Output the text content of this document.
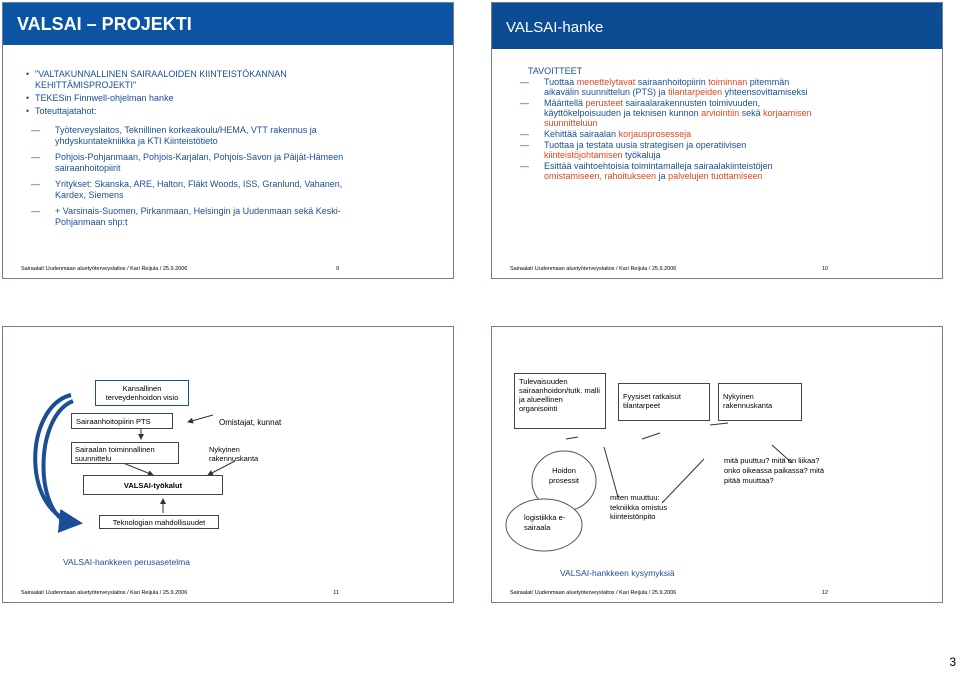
VALSAI – PROJEKTI
• "VALTAKUNNALLINEN SAIRAALOIDEN KIINTEISTÖKANNAN KEHITTÄMISPROJEKTI"
• TEKESin Finnwell-ohjelman hanke
• Toteuttajatahot:
— Työterveyslaitos, Teknillinen korkeakoulu/HEMA, VTT rakennus ja yhdyskuntatekniikka ja KTI Kiinteistötieto
— Pohjois-Pohjanmaan, Pohjois-Karjalan, Pohjois-Savon ja Päijät-Hämeen sairaanhoitopiirit
— Yritykset: Skanska, ARE, Halton, Fläkt Woods, ISS, Granlund, Vahanen, Kardex, Siemens
— + Varsinais-Suomen, Pirkanmaan, Helsingin ja Uudenmaan sekä Keski-Pohjanmaan shp:t
Sairaalat/ Uudenmaan aluetyöterveyslaitos / Kari Reijula / 25.9.2006	9
VALSAI-hanke
TAVOITTEET
— Tuottaa menettelytavat sairaanhoitopiirin toiminnan pitemmän aikavälin suunnittelun (PTS) ja tilantarpeiden yhteensovittamiseksi
— Määritellä perusteet sairaalarakennusten toimivuuden, käyttökelpoisuuden ja teknisen kunnon arviointiin sekä korjaamisen suunnitteluun
— Kehittää sairaalan korjausprosesseja
— Tuottaa ja testata uusia strategisen ja operatiivisen kiinteistöjohtamisen työkaluja
— Esittää vaihtoehtoisia toimintamalleja sairaalakiinteistöjen omistamiseen, rahoitukseen ja palvelujen tuottamiseen
Sairaalat/ Uudenmaan aluetyöterveyslaitos / Kari Reijula / 25.9.2006	10
Kansallinen terveydenhoidon visio
Sairaanhoitopiirin PTS	Omistajat, kunnat
Sairaalan toiminnallinen suunnittelu
Nykyinen rakennuskanta
VALSAI-työkalut
Teknologian mahdollisuudet
VALSAI-hankkeen perusasetelma
Sairaalat/ Uudenmaan aluetyöterveyslaitos / Kari Reijula / 25.9.2006	11
Tulevaisuuden sairaanhoidon/tutk. malli ja alueellinen organisointi
Fyysiset ratkaisut tilantarpeet
Nykyinen rakennuskanta
Hoidon prosessit
logistiikka e-sairaala
miten muuttuu: tekniikka omistus kiinteistönpito
mitä puuttuu? mitä on liikaa? onko oikeassa paikassa? mitä pitää muuttaa?
VALSAI-hankkeen kysymyksiä
Sairaalat/ Uudenmaan aluetyöterveyslaitos / Kari Reijula / 25.9.2006	12
3
